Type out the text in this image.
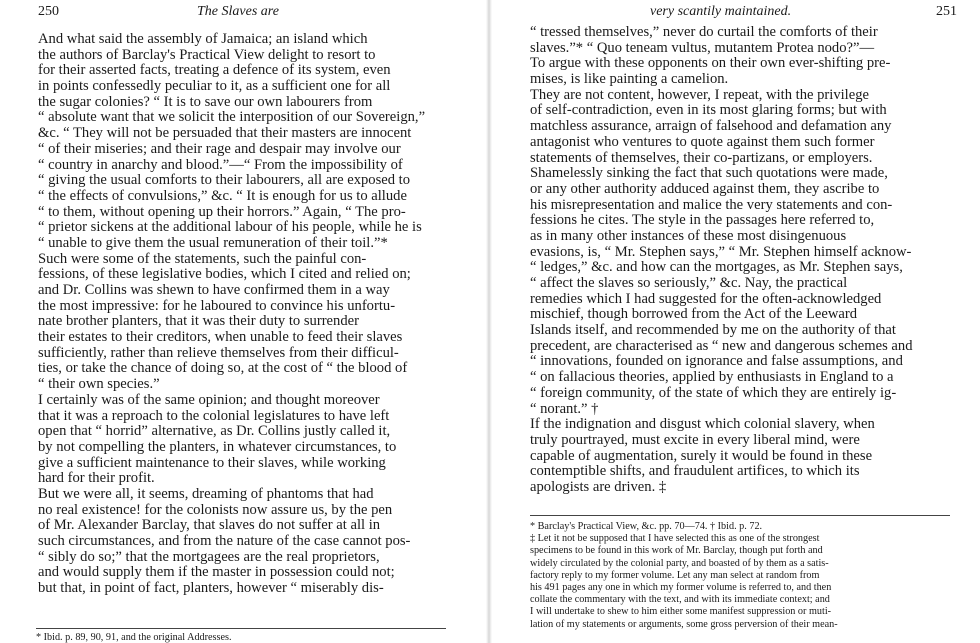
250	The Slaves are
And what said the assembly of Jamaica; an island which
the authors of Barclay's Practical View delight to resort to
for their asserted facts, treating a defence of its system, even
in points confessedly peculiar to it, as a sufficient one for all
the sugar colonies? “ It is to save our own labourers from
“ absolute want that we solicit the interposition of our Sovereign,”
&c. “ They will not be persuaded that their masters are innocent
“ of their miseries; and their rage and despair may involve our
“ country in anarchy and blood.”—“ From the impossibility of
“ giving the usual comforts to their labourers, all are exposed to
“ the effects of convulsions,” &c. “ It is enough for us to allude
“ to them, without opening up their horrors.” Again, “ The pro-
“ prietor sickens at the additional labour of his people, while he is
“ unable to give them the usual remuneration of their toil.”*
Such were some of the statements, such the painful con-
fessions, of these legislative bodies, which I cited and relied on;
and Dr. Collins was shewn to have confirmed them in a way
the most impressive: for he laboured to convince his unfortu-
nate brother planters, that it was their duty to surrender
their estates to their creditors, when unable to feed their slaves
sufficiently, rather than relieve themselves from their difficul-
ties, or take the chance of doing so, at the cost of “ the blood of
“ their own species.”
I certainly was of the same opinion; and thought moreover
that it was a reproach to the colonial legislatures to have left
open that “ horrid” alternative, as Dr. Collins justly called it,
by not compelling the planters, in whatever circumstances, to
give a sufficient maintenance to their slaves, while working
hard for their profit.
But we were all, it seems, dreaming of phantoms that had
no real existence! for the colonists now assure us, by the pen
of Mr. Alexander Barclay, that slaves do not suffer at all in
such circumstances, and from the nature of the case cannot pos-
“ sibly do so;” that the mortgagees are the real proprietors,
and would supply them if the master in possession could not;
but that, in point of fact, planters, however “ miserably dis-
* Ibid. p. 89, 90, 91, and the original Addresses.
very scantily maintained.	251
“ tressed themselves,” never do curtail the comforts of their
slaves.”* “ Quo teneam vultus, mutantem Protea nodo?”—
To argue with these opponents on their own ever-shifting pre-
mises, is like painting a camelion.
They are not content, however, I repeat, with the privilege
of self-contradiction, even in its most glaring forms; but with
matchless assurance, arraign of falsehood and defamation any
antagonist who ventures to quote against them such former
statements of themselves, their co-partizans, or employers.
Shamelessly sinking the fact that such quotations were made,
or any other authority adduced against them, they ascribe to
his misrepresentation and malice the very statements and con-
fessions he cites. The style in the passages here referred to,
as in many other instances of these most disingenuous
evasions, is, “ Mr. Stephen says,” “ Mr. Stephen himself acknow-
“ ledges,” &c. and how can the mortgages, as Mr. Stephen says,
“ affect the slaves so seriously,” &c. Nay, the practical
remedies which I had suggested for the often-acknowledged
mischief, though borrowed from the Act of the Leeward
Islands itself, and recommended by me on the authority of that
precedent, are characterised as “ new and dangerous schemes and
“ innovations, founded on ignorance and false assumptions, and
“ on fallacious theories, applied by enthusiasts in England to a
“ foreign community, of the state of which they are entirely ig-
“ norant.” †
If the indignation and disgust which colonial slavery, when
truly pourtrayed, must excite in every liberal mind, were
capable of augmentation, surely it would be found in these
contemptible shifts, and fraudulent artifices, to which its
apologists are driven. ‡
* Barclay's Practical View, &c. pp. 70—74. † Ibid. p. 72.
‡ Let it not be supposed that I have selected this as one of the strongest
specimens to be found in this work of Mr. Barclay, though put forth and
widely circulated by the colonial party, and boasted of by them as a satis-
factory reply to my former volume. Let any man select at random from
his 491 pages any one in which my former volume is referred to, and then
collate the commentary with the text, and with its immediate context; and
I will undertake to shew to him either some manifest suppression or muti-
lation of my statements or arguments, some gross perversion of their mean-
